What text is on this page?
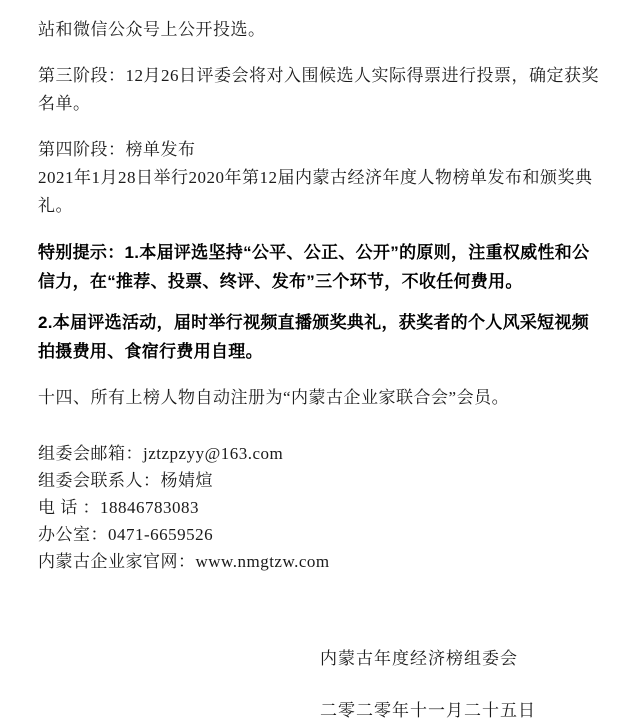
站和微信公众号上公开投选。

第三阶段：12月26日评委会将对入围候选人实际得票进行投票，确定获奖名单。

第四阶段：榜单发布

2021年1月28日举行2020年第12届内蒙古经济年度人物榜单发布和颁奖典礼。

特别提示：1.本届评选坚持“公平、公正、公开”的原则，注重权威性和公信力，在“推荐、投票、终评、发布”三个环节，不收任何费用。

2.本届评选活动，届时举行视频直播颁奖典礼，获奖者的个人风采短视频拍摄费用、食宿行费用自理。

十四、所有上榜人物自动注册为“内蒙古企业家联合会”会员。

组委会邮箱：jztzpzyy@163.com
组委会联系人：杨婧煊
电 话 ：18846783083
办公室：0471-6659526
内蒙古企业家官网：www.nmgtzw.com

内蒙古年度经济榜组委会

二零二零年十一月二十五日
